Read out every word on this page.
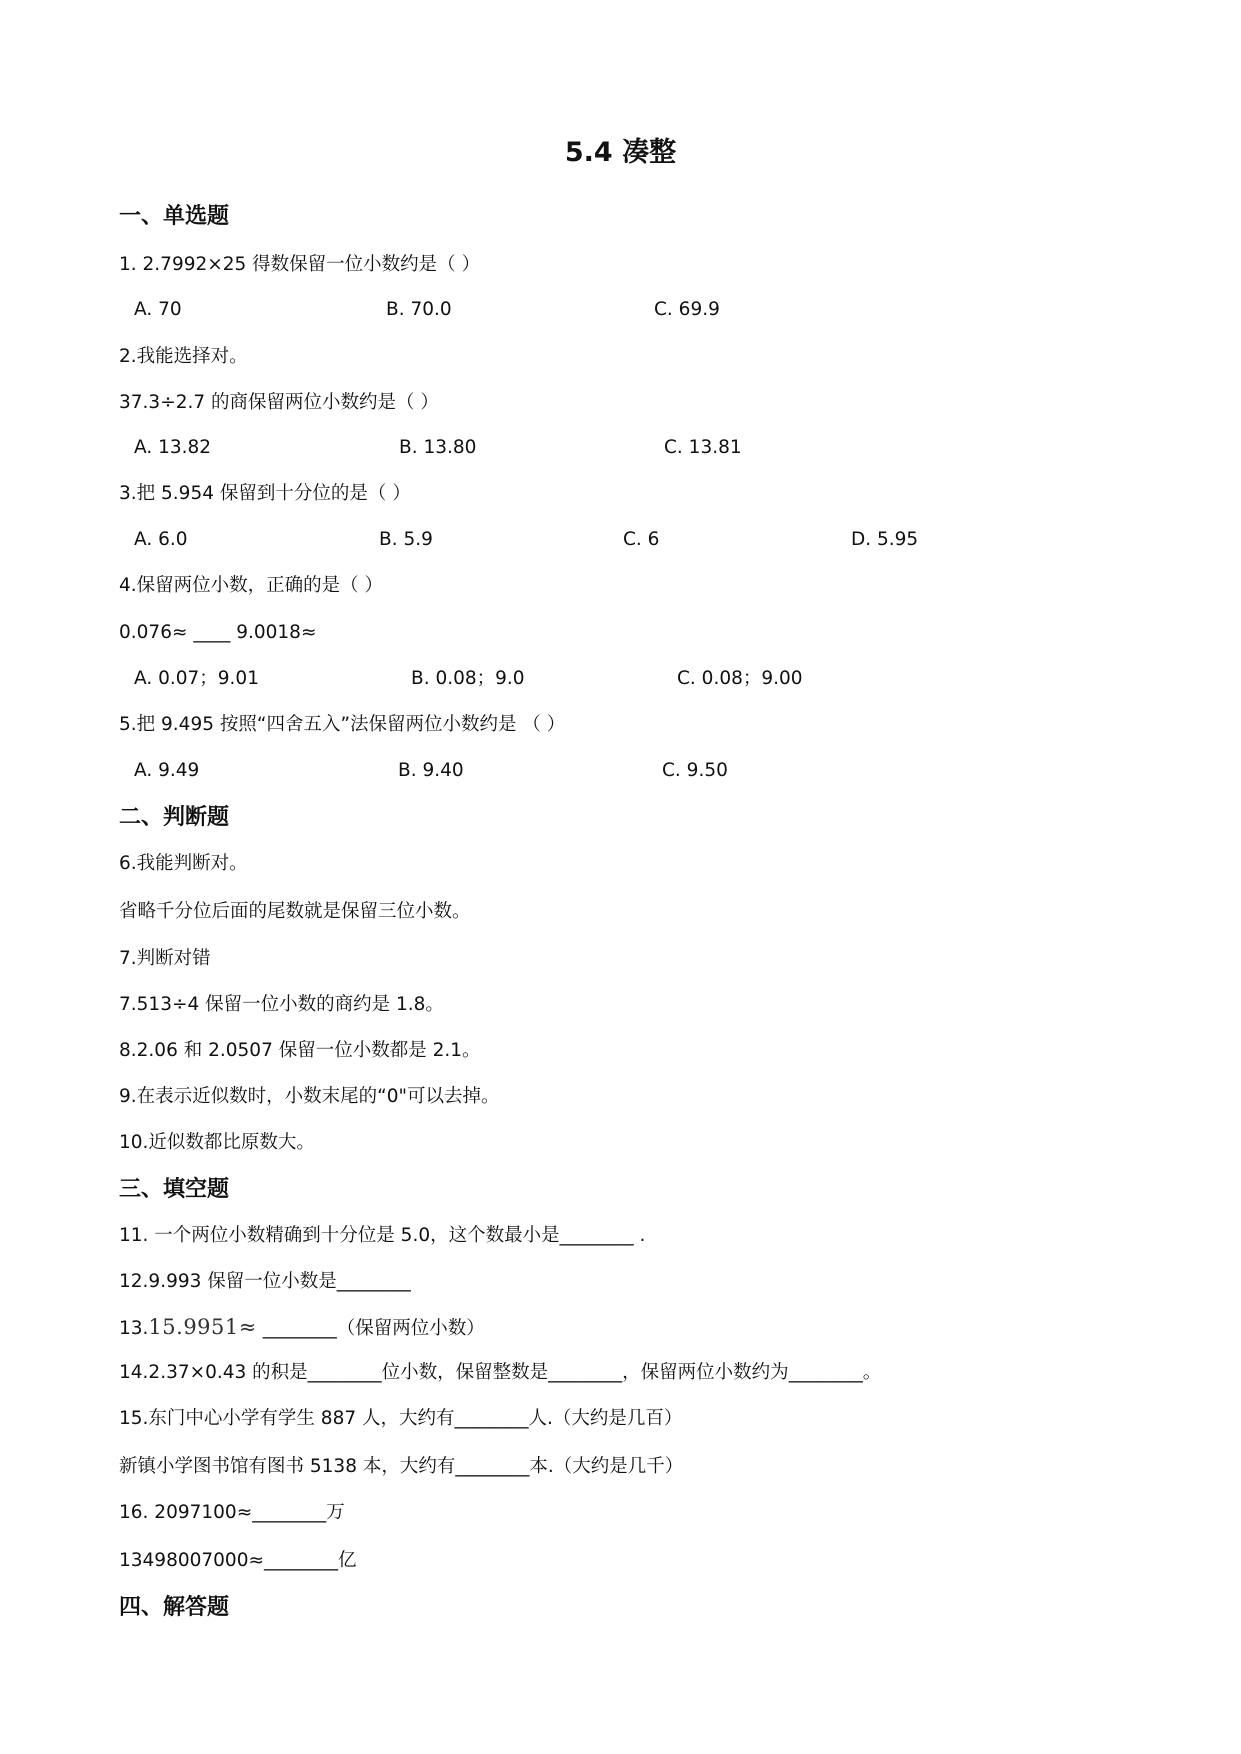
5.4 凑整
一、单选题
1. 2.7992×25 得数保留一位小数约是（ ）
A. 70	B. 70.0	C. 69.9
2.我能选择对。
37.3÷2.7 的商保留两位小数约是（ ）
A. 13.82	B. 13.80	C. 13.81
3.把 5.954 保留到十分位的是（ ）
A. 6.0	B. 5.9	C. 6	D. 5.95
4.保留两位小数，正确的是（ ）
0.076≈ ____ 9.0018≈
A. 0.07；9.01	B. 0.08；9.0	C. 0.08；9.00
5.把 9.495 按照“四舍五入”法保留两位小数约是 （ ）
A. 9.49	B. 9.40	C. 9.50
二、判断题
6.我能判断对。
省略千分位后面的尾数就是保留三位小数。
7.判断对错
7.513÷4 保留一位小数的商约是 1.8。
8.2.06 和 2.0507 保留一位小数都是 2.1。
9.在表示近似数时，小数末尾的“0"可以去掉。
10.近似数都比原数大。
三、填空题
11. 一个两位小数精确到十分位是 5.0，这个数最小是________ .
12.9.993 保留一位小数是________
13.15.9951≈ ________（保留两位小数）
14.2.37×0.43 的积是________位小数，保留整数是________，保留两位小数约为________。
15.东门中心小学有学生 887 人，大约有________人.（大约是几百）
新镇小学图书馆有图书 5138 本，大约有________本.（大约是几千）
16. 2097100≈________万
13498007000≈________亿
四、解答题
